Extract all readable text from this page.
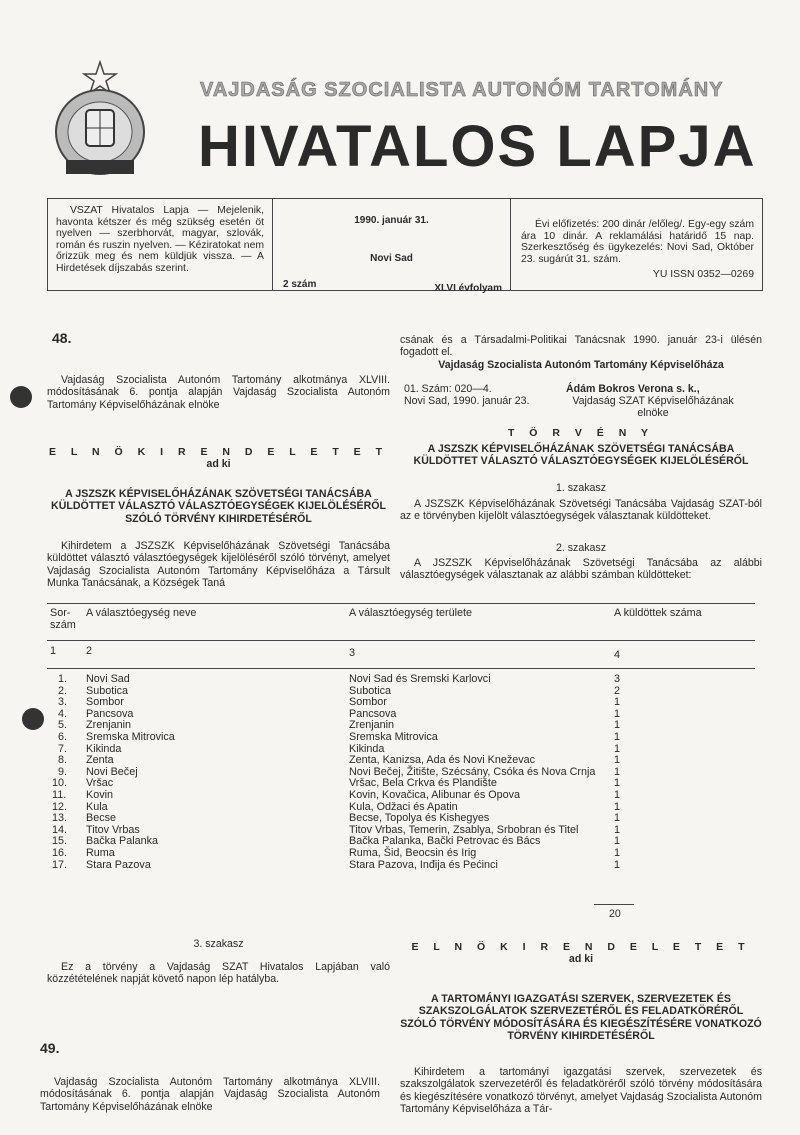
VAJDASÁG SZOCIALISTA AUTONÓM TARTOMÁNY
HIVATALOS LAPJA
VSZAT Hivatalos Lapja — Mejelenik, havonta kétszer és még szükség esetén öt nyelven — szerbhorvát, magyar, szlovák, román és ruszin nyelven. — Kéziratokat nem őrizzük meg és nem küldjük vissza. — A Hirdetések díjszabás szerint.
1990. január 31.
Novi Sad
2 szám	XLVI évfolyam
Évi előfizetés: 200 dinár /előleg/. Egy-egy szám ára 10 dinár. A reklamálási határidő 15 nap. Szerkesztőség és ügykezelés: Novi Sad, Október 23. sugárút 31. szám.
YU ISSN 0352—0269
48.
Vajdaság Szocialista Autonóm Tartomány alkotmánya XLVIII. módosításának 6. pontja alapján Vajdaság Szocialista Autonóm Tartomány Képviselőházának elnöke
E L N Ö K I R E N D E L E T E T
ad ki
A JSZSZK KÉPVISELŐHÁZÁNAK SZÖVETSÉGI TANÁCSÁBA KÜLDÖTTET VÁLASZTÓ VÁLASZTÓEGYSÉGEK KIJELÖLÉSÉRŐL SZÓLÓ TÖRVÉNY KIHIRDETÉSÉRŐL
Kihirdetem a JSZSZK Képviselőházának Szövetségi Tanácsába küldöttet választó választóegységek kijelöléséről szóló törvényt, amelyet Vajdaság Szocialista Autonóm Tartomány Képviselőháza a Társult Munka Tanácsának, a Községek Taná
csának és a Társadalmi-Politikai Tanácsnak 1990. január 23-i ülésén fogadott el.
Vajdaság Szocialista Autonóm Tartomány Képviselőháza
01. Szám: 020—4.	Ádám Bokros Verona s. k.,
Novi Sad, 1990. január 23.	Vajdaság SZAT Képviselőházának elnöke
T Ö R V É N Y
A JSZSZK KÉPVISELŐHÁZÁNAK SZÖVETSÉGI TANÁCSÁBA KÜLDÖTTET VÁLASZTÓ VÁLASZTÓEGYSÉGEK KIJELÖLÉSÉRŐL
1. szakasz
A JSZSZK Képviselőházának Szövetségi Tanácsába Vajdaság SZAT-ból az e törvényben kijelölt választóegységek választanak küldötteket.
2. szakasz
A JSZSZK Képviselőházának Szövetségi Tanácsába az alábbi választóegységek választanak az alábbi számban küldötteket:
Sor-
szám	A választóegység neve	A választóegység területe	A küldöttek száma
1	2	3	4
1.	Novi Sad	Novi Sad és Sremski Karlovci	3
2.	Subotica	Subotica	2
3.	Sombor	Sombor	1
4.	Pancsova	Pancsova	1
5.	Zrenjanin	Zrenjanin	1
6.	Sremska Mitrovica	Sremska Mitrovica	1
7.	Kikinda	Kikinda	1
8.	Zenta	Zenta, Kanizsa, Ada és Novi Kneževac	1
9.	Novi Bečej	Novi Bečej, Žitište, Szécsány, Csóka és Nova Crnja	1
10.	Vršac	Vršac, Bela Crkva és Plandište	1
11.	Kovin	Kovin, Kovačica, Alibunar és Opova	1
12.	Kula	Kula, Odžaci és Apatin	1
13.	Becse	Becse, Topolya és Kishegyes	1
14.	Titov Vrbas	Titov Vrbas, Temerin, Zsablya, Srbobran és Titel	1
15.	Bačka Palanka	Bačka Palanka, Bački Petrovac és Bács	1
16.	Ruma	Ruma, Šid, Beocsin és Irig	1
17.	Stara Pazova	Stara Pazova, Inđija és Pećinci	1
20
3. szakasz
Ez a törvény a Vajdaság SZAT Hivatalos Lapjában való közzétételének napját követő napon lép hatályba.
E L N Ö K I R E N D E L E T E T
ad ki
A TARTOMÁNYI IGAZGATÁSI SZERVEK, SZERVEZETEK ÉS SZAKSZOLGÁLATOK SZERVEZETÉRŐL ÉS FELADATKÖRÉRŐL SZÓLÓ TÖRVÉNY MÓDOSÍTÁSÁRA ÉS KIEGÉSZÍTÉSÉRE VONATKOZÓ TÖRVÉNY KIHIRDETÉSÉRŐL
49.
Vajdaság Szocialista Autonóm Tartomány alkotmánya XLVIII. módosításának 6. pontja alapján Vajdaság Szocialista Autonóm Tartomány Képviselőházának elnöke
Kihirdetem a tartományi igazgatási szervek, szervezetek és szakszolgálatok szervezetéről és feladatköréről szóló törvény módosítására és kiegészítésére vonatkozó törvényt, amelyet Vajdaság Szocialista Autonóm Tartomány Képviselőháza a Tár-
